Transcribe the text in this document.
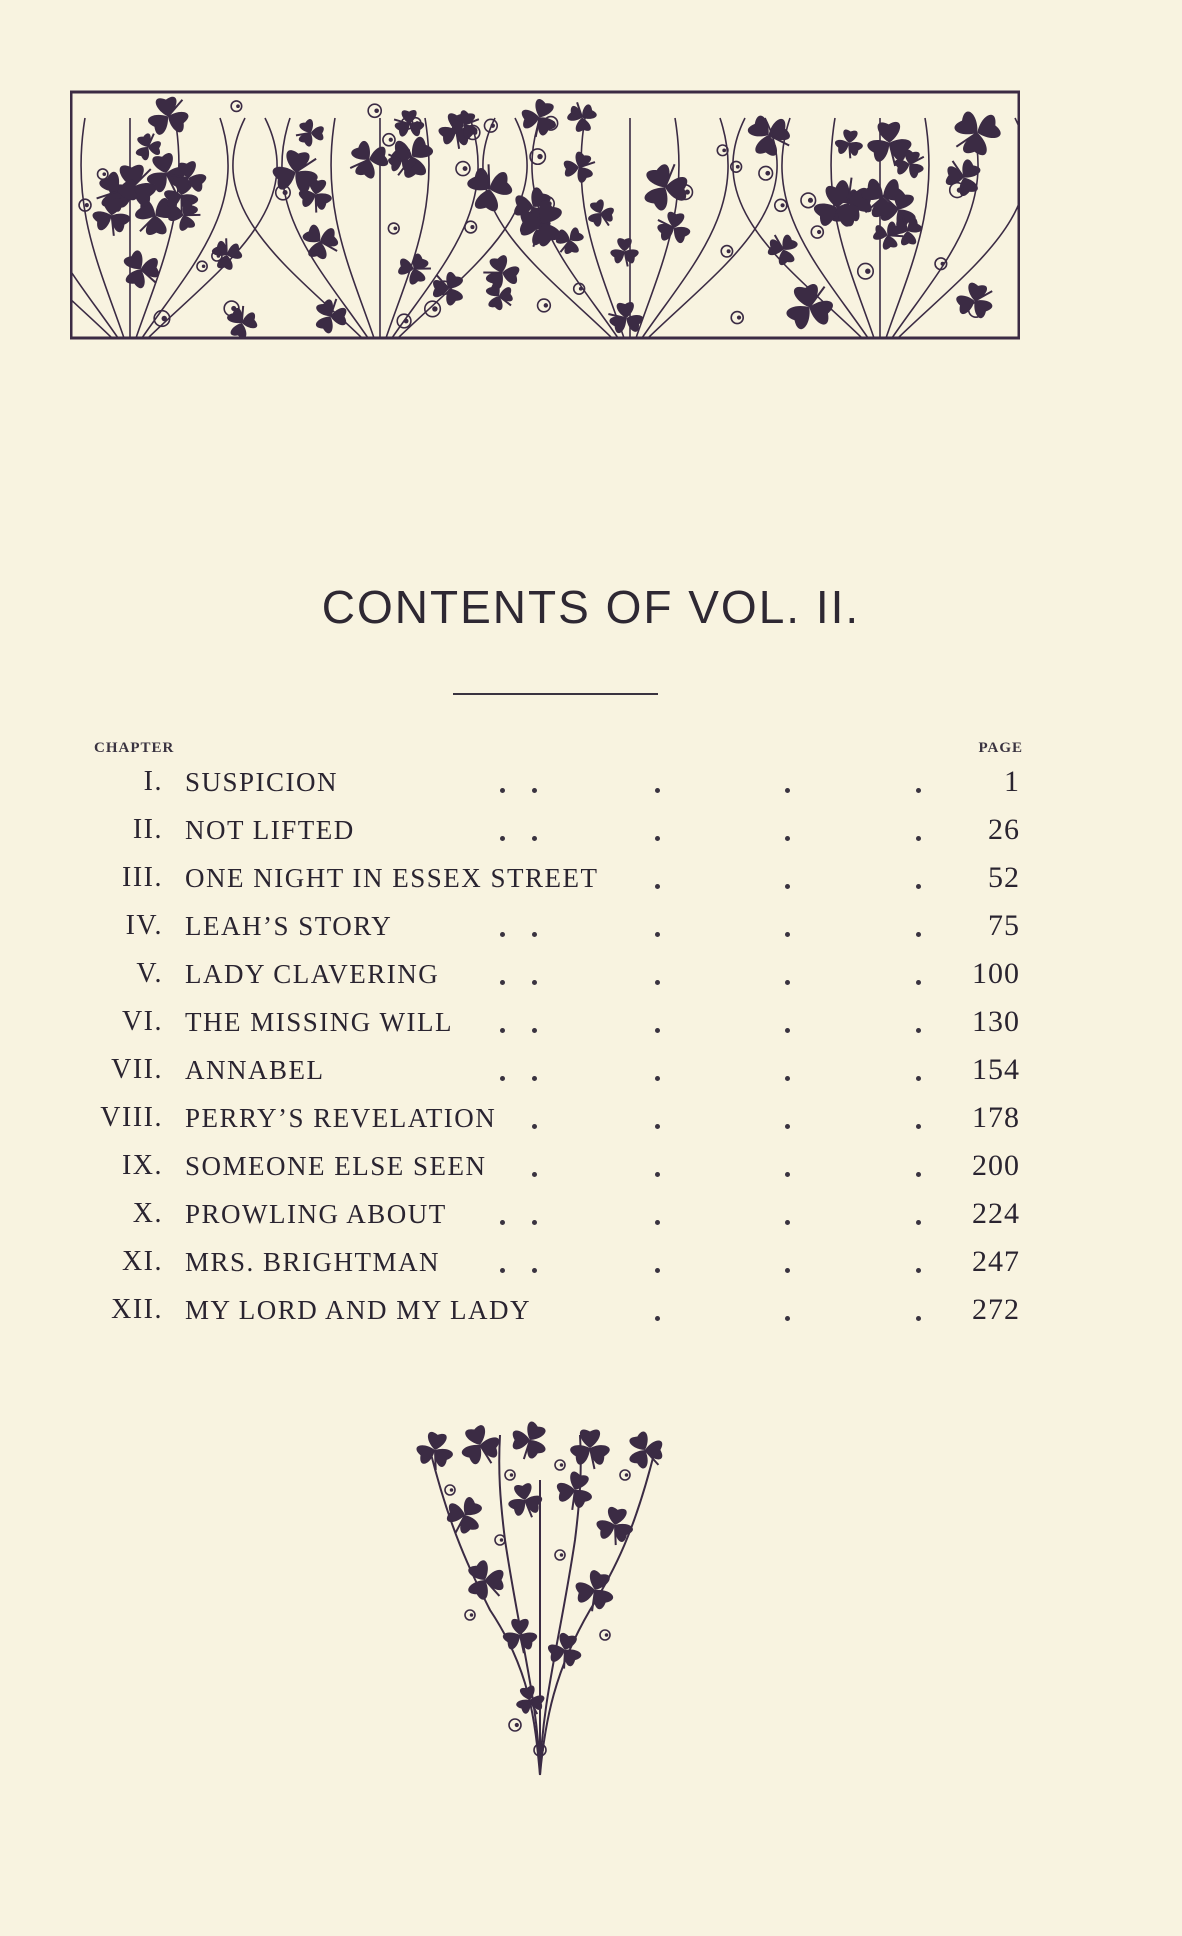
CONTENTS OF VOL. II.
CHAPTER	PAGE
I. SUSPICION	1
II. NOT LIFTED	26
III. ONE NIGHT IN ESSEX STREET	52
IV. LEAH’S STORY	75
V. LADY CLAVERING	100
VI. THE MISSING WILL	130
VII. ANNABEL	154
VIII. PERRY’S REVELATION	178
IX. SOMEONE ELSE SEEN	200
X. PROWLING ABOUT	224
XI. MRS. BRIGHTMAN	247
XII. MY LORD AND MY LADY	272
